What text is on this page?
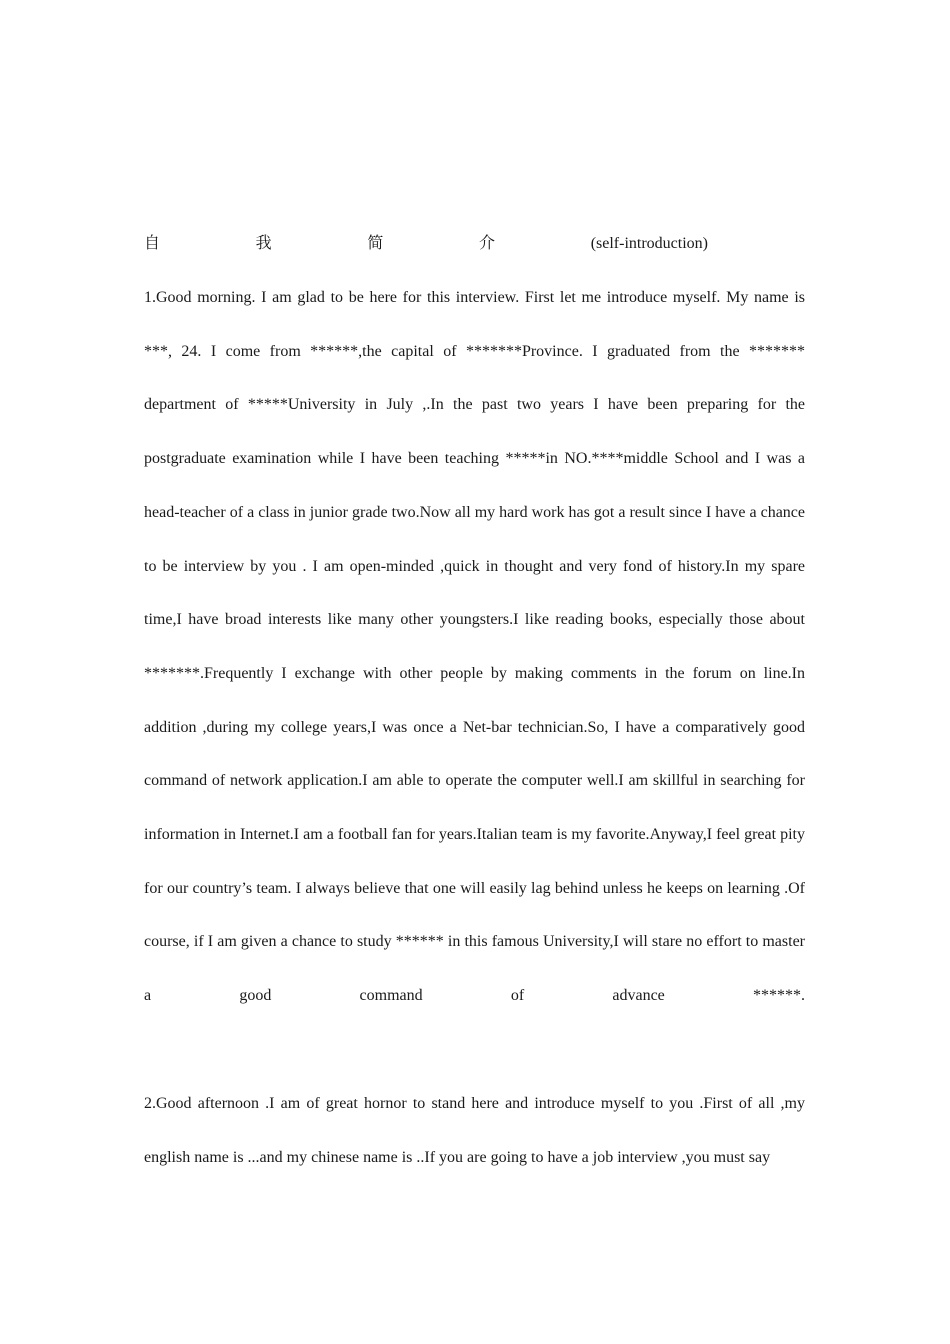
自	我	简	介	(self-introduction)

1.Good morning. I am glad to be here for this interview. First let me introduce myself. My name is ***, 24. I come from ******,the capital of *******Province. I graduated from the ******* department of *****University in July ,.In the past two years I have been preparing for the postgraduate examination while I have been teaching *****in NO.****middle School and I was a head-teacher of a class in junior grade two.Now all my hard work has got a result since I have a chance to be interview by you . I am open-minded ,quick in thought and very fond of history.In my spare time,I have broad interests like many other youngsters.I like reading books, especially those about *******.Frequently I exchange with other people by making comments in the forum on line.In addition ,during my college years,I was once a Net-bar technician.So, I have a comparatively good command of network application.I am able to operate the computer well.I am skillful in searching for information in Internet.I am a football fan for years.Italian team is my favorite.Anyway,I feel great pity for our country’s team. I always believe that one will easily lag behind unless he keeps on learning .Of course, if I am given a chance to study ****** in this famous University,I will stare no effort to master a good command of advance ******.

2.Good afternoon .I am of great hornor to stand here and introduce myself to you .First of all ,my english name is ...and my chinese name is ..If you are going to have a job interview ,you must say
